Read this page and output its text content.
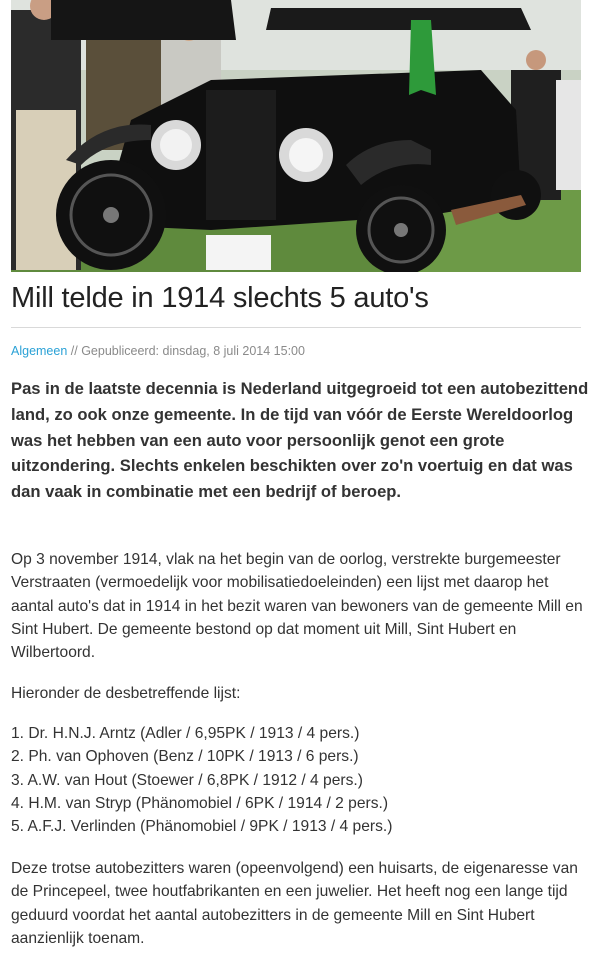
Mill telde in 1914 slechts 5 auto's
Algemeen // Gepubliceerd: dinsdag, 8 juli 2014 15:00

Pas in de laatste decennia is Nederland uitgegroeid tot een autobezittend land, zo ook onze gemeente. In de tijd van vóór de Eerste Wereldoorlog was het hebben van een auto voor persoonlijk genot een grote uitzondering. Slechts enkelen beschikten over zo'n voertuig en dat was dan vaak in combinatie met een bedrijf of beroep.

Op 3 november 1914, vlak na het begin van de oorlog, verstrekte burgemeester Verstraaten (vermoedelijk voor mobilisatiedoeleinden) een lijst met daarop het aantal auto's dat in 1914 in het bezit waren van bewoners van de gemeente Mill en Sint Hubert. De gemeente bestond op dat moment uit Mill, Sint Hubert en Wilbertoord.

Hieronder de desbetreffende lijst:

1. Dr. H.N.J. Arntz (Adler / 6,95PK / 1913 / 4 pers.)
2. Ph. van Ophoven (Benz / 10PK / 1913 / 6 pers.)
3. A.W. van Hout (Stoewer / 6,8PK / 1912 / 4 pers.)
4. H.M. van Stryp (Phänomobiel / 6PK / 1914 / 2 pers.)
5. A.F.J. Verlinden (Phänomobiel / 9PK / 1913 / 4 pers.)

Deze trotse autobezitters waren (opeenvolgend) een huisarts, de eigenaresse van de Princepeel, twee houtfabrikanten en een juwelier. Het heeft nog een lange tijd geduurd voordat het aantal autobezitters in de gemeente Mill en Sint Hubert aanzienlijk toenam.
